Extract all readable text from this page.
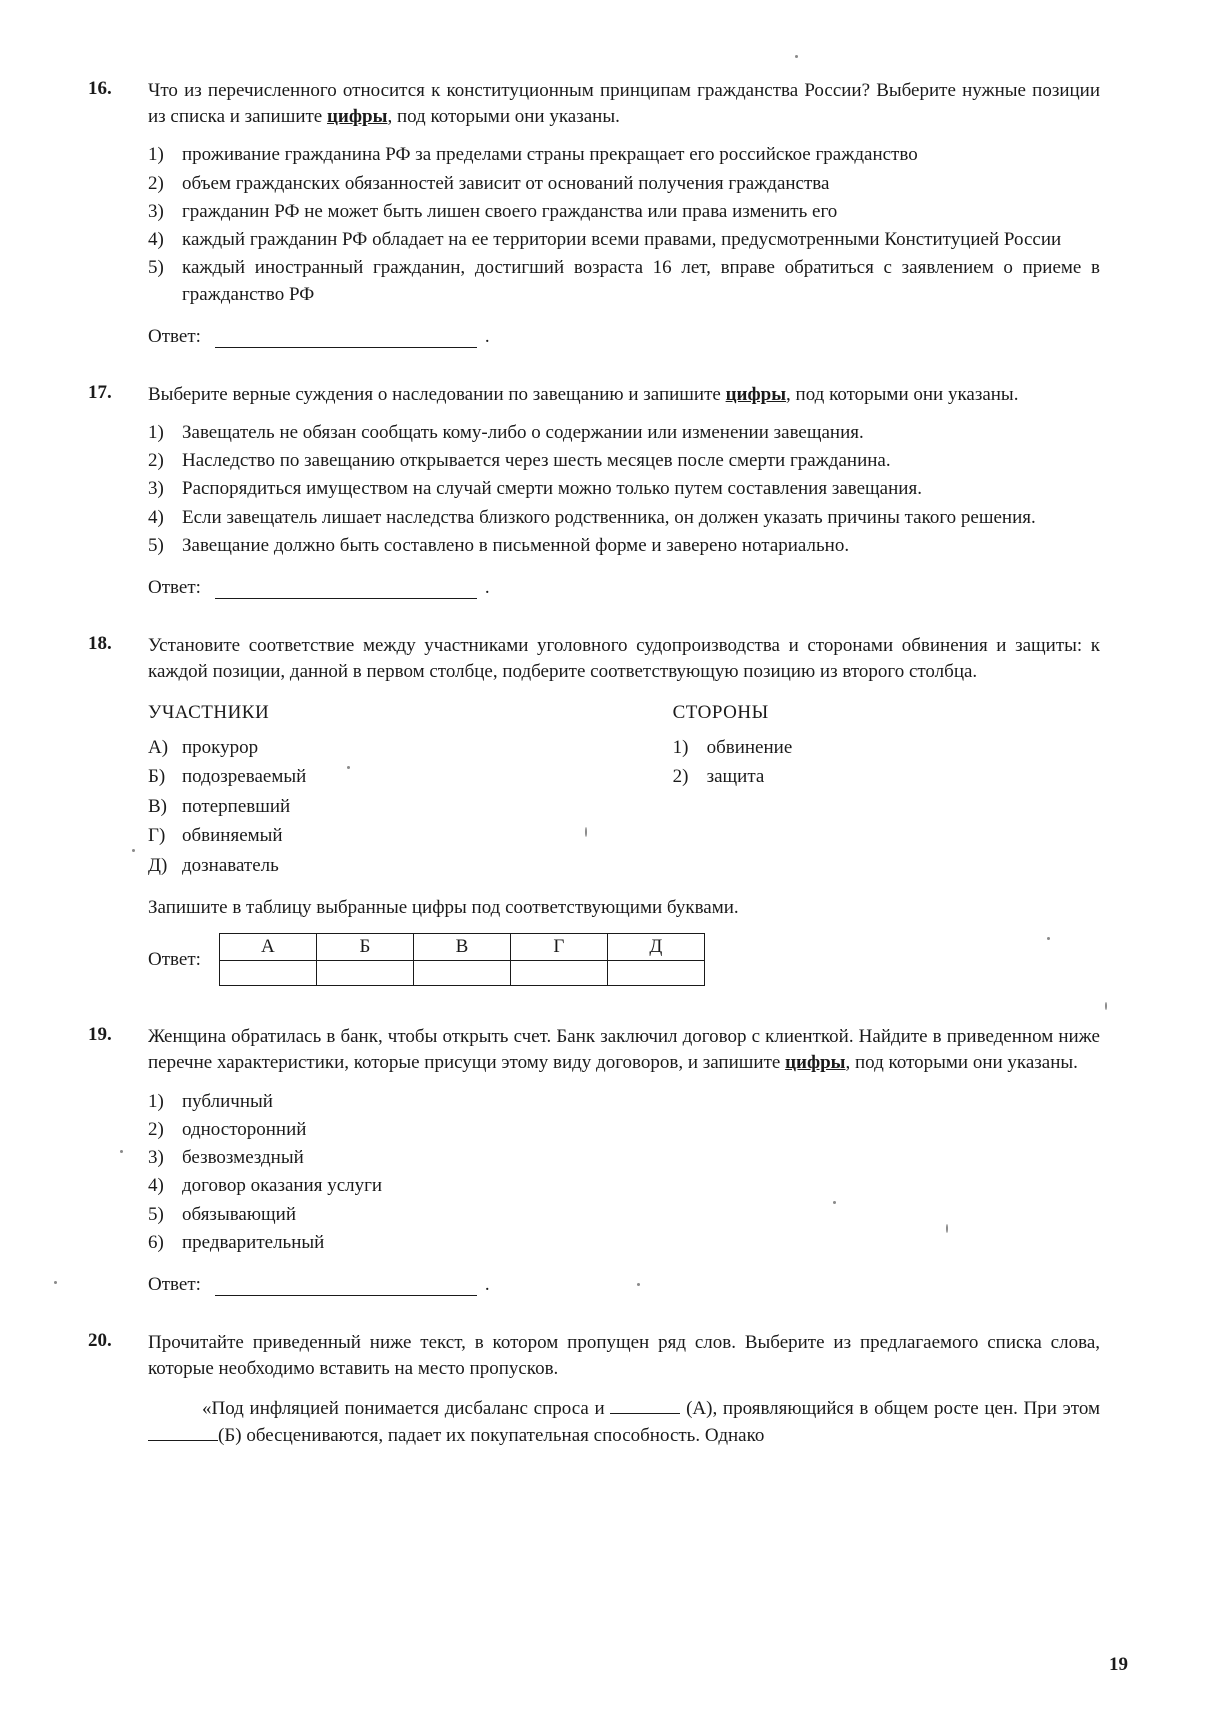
16.	Что из перечисленного относится к конституционным принципам гражданства России? Выберите нужные позиции из списка и запишите цифры, под которыми они указаны.
1) проживание гражданина РФ за пределами страны прекращает его российское гражданство
2) объем гражданских обязанностей зависит от оснований получения гражданства
3) гражданин РФ не может быть лишен своего гражданства или права изменить его
4) каждый гражданин РФ обладает на ее территории всеми правами, предусмотренными Конституцией России
5) каждый иностранный гражданин, достигший возраста 16 лет, вправе обратиться с заявлением о приеме в гражданство РФ
Ответ:	.
17.	Выберите верные суждения о наследовании по завещанию и запишите цифры, под которыми они указаны.
1) Завещатель не обязан сообщать кому-либо о содержании или изменении завещания.
2) Наследство по завещанию открывается через шесть месяцев после смерти гражданина.
3) Распорядиться имуществом на случай смерти можно только путем составления завещания.
4) Если завещатель лишает наследства близкого родственника, он должен указать причины такого решения.
5) Завещание должно быть составлено в письменной форме и заверено нотариально.
Ответ:	.
18.	Установите соответствие между участниками уголовного судопроизводства и сторонами обвинения и защиты: к каждой позиции, данной в первом столбце, подберите соответствующую позицию из второго столбца.
УЧАСТНИКИ
А) прокурор
Б) подозреваемый
В) потерпевший
Г) обвиняемый
Д) дознаватель
СТОРОНЫ
1) обвинение
2) защита
Запишите в таблицу выбранные цифры под соответствующими буквами.
Ответ:
А	Б	В	Г	Д

19.	Женщина обратилась в банк, чтобы открыть счет. Банк заключил договор с клиенткой. Найдите в приведенном ниже перечне характеристики, которые присущи этому виду договоров, и запишите цифры, под которыми они указаны.
1) публичный
2) односторонний
3) безвозмездный
4) договор оказания услуги
5) обязывающий
6) предварительный
Ответ:	.
20.	Прочитайте приведенный ниже текст, в котором пропущен ряд слов. Выберите из предлагаемого списка слова, которые необходимо вставить на место пропусков.
«Под инфляцией понимается дисбаланс спроса и	(А), проявляющийся в общем росте цен. При этом (Б) обесцениваются, падает их покупательная способность. Однако
19
